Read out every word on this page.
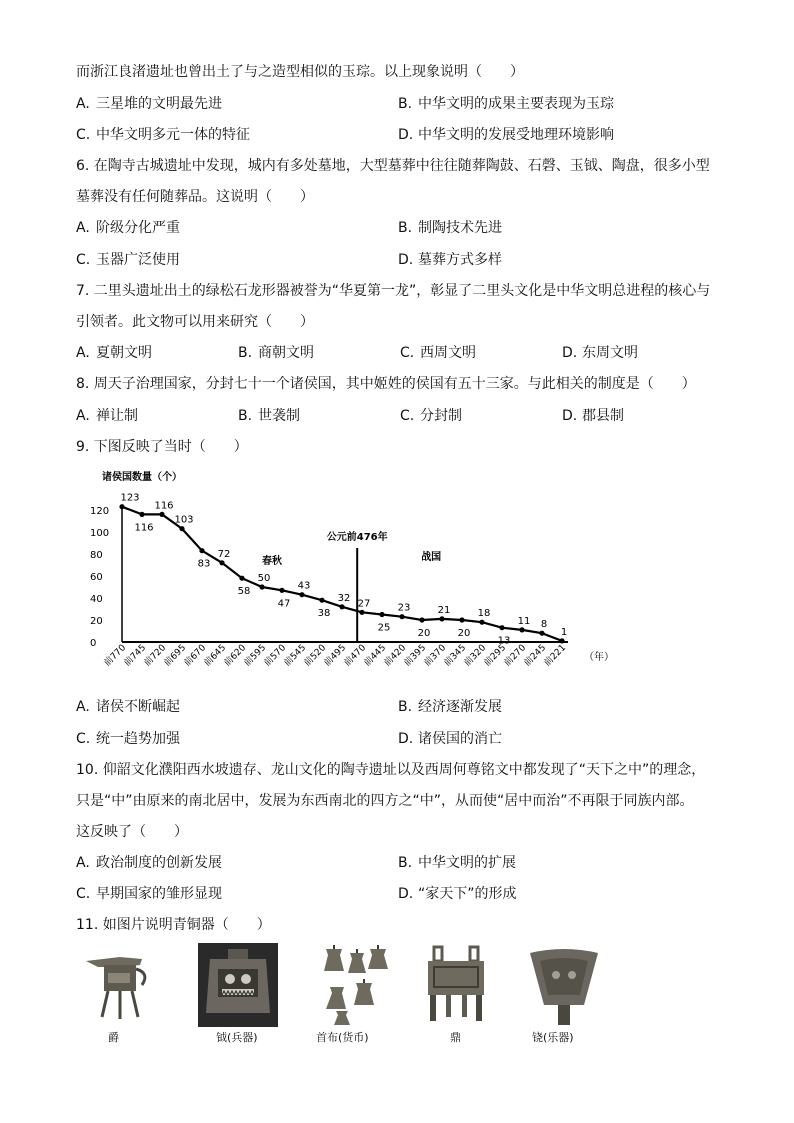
而浙江良渚遗址也曾出土了与之造型相似的玉琮。以上现象说明（　　）
A. 三星堆的文明最先进	B. 中华文明的成果主要表现为玉琮
C. 中华文明多元一体的特征	D. 中华文明的发展受地理环境影响
6. 在陶寺古城遗址中发现，城内有多处墓地，大型墓葬中往往随葬陶鼓、石磬、玉钺、陶盘，很多小型
墓葬没有任何随葬品。这说明（　　）
A. 阶级分化严重	B. 制陶技术先进
C. 玉器广泛使用	D. 墓葬方式多样
7. 二里头遗址出土的绿松石龙形器被誉为“华夏第一龙”，彰显了二里头文化是中华文明总进程的核心与
引领者。此文物可以用来研究（　　）
A. 夏朝文明	B. 商朝文明	C. 西周文明	D. 东周文明
8. 周天子治理国家，分封七十一个诸侯国，其中姬姓的侯国有五十三家。与此相关的制度是（　　）
A. 禅让制	B. 世袭制	C. 分封制	D. 郡县制
9. 下图反映了当时（　　）
诸侯国数量（个）
0
20
40
60
80
100
120
前770
前745
前720
前695
前670
前645
前620
前595
前570
前545
前520
前495
前470
前445
前420
前395
前370
前345
前320
前295
前270
前245
前221 （年）
公元前476年
春秋	战国
123
116
116
103
83
72
58
50
47
43
38
32 27
25
23
20
21
20
18
13
11 8
1
A. 诸侯不断崛起	B. 经济逐渐发展
C. 统一趋势加强	D. 诸侯国的消亡
10. 仰韶文化濮阳西水坡遗存、龙山文化的陶寺遗址以及西周何尊铭文中都发现了“天下之中”的理念，
只是“中”由原来的南北居中，发展为东西南北的四方之“中”，从而使“居中而治”不再限于同族内部。
这反映了（　　）
A. 政治制度的创新发展	B. 中华文明的扩展
C. 早期国家的雏形显现	D. “家天下”的形成
11. 如图片说明青铜器（　　）
爵	钺(兵器)	首布(货币)	鼎	铙(乐器)
